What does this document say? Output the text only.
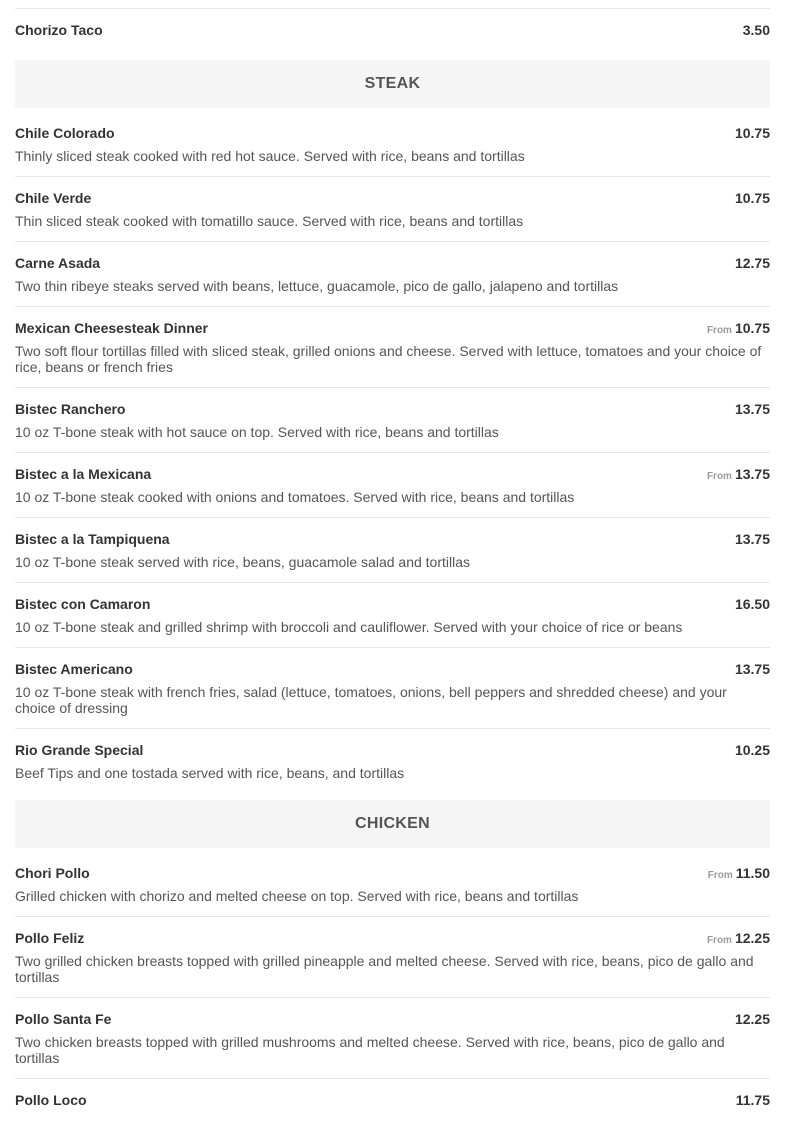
Chorizo Taco	3.50
STEAK
Chile Colorado	10.75
Thinly sliced steak cooked with red hot sauce. Served with rice, beans and tortillas
Chile Verde	10.75
Thin sliced steak cooked with tomatillo sauce. Served with rice, beans and tortillas
Carne Asada	12.75
Two thin ribeye steaks served with beans, lettuce, guacamole, pico de gallo, jalapeno and tortillas
Mexican Cheesesteak Dinner	From 10.75
Two soft flour tortillas filled with sliced steak, grilled onions and cheese. Served with lettuce, tomatoes and your choice of rice, beans or french fries
Bistec Ranchero	13.75
10 oz T-bone steak with hot sauce on top. Served with rice, beans and tortillas
Bistec a la Mexicana	From 13.75
10 oz T-bone steak cooked with onions and tomatoes. Served with rice, beans and tortillas
Bistec a la Tampiquena	13.75
10 oz T-bone steak served with rice, beans, guacamole salad and tortillas
Bistec con Camaron	16.50
10 oz T-bone steak and grilled shrimp with broccoli and cauliflower. Served with your choice of rice or beans
Bistec Americano	13.75
10 oz T-bone steak with french fries, salad (lettuce, tomatoes, onions, bell peppers and shredded cheese) and your choice of dressing
Rio Grande Special	10.25
Beef Tips and one tostada served with rice, beans, and tortillas
CHICKEN
Chori Pollo	From 11.50
Grilled chicken with chorizo and melted cheese on top. Served with rice, beans and tortillas
Pollo Feliz	From 12.25
Two grilled chicken breasts topped with grilled pineapple and melted cheese. Served with rice, beans, pico de gallo and tortillas
Pollo Santa Fe	12.25
Two chicken breasts topped with grilled mushrooms and melted cheese. Served with rice, beans, pico de gallo and tortillas
Pollo Loco	11.75
